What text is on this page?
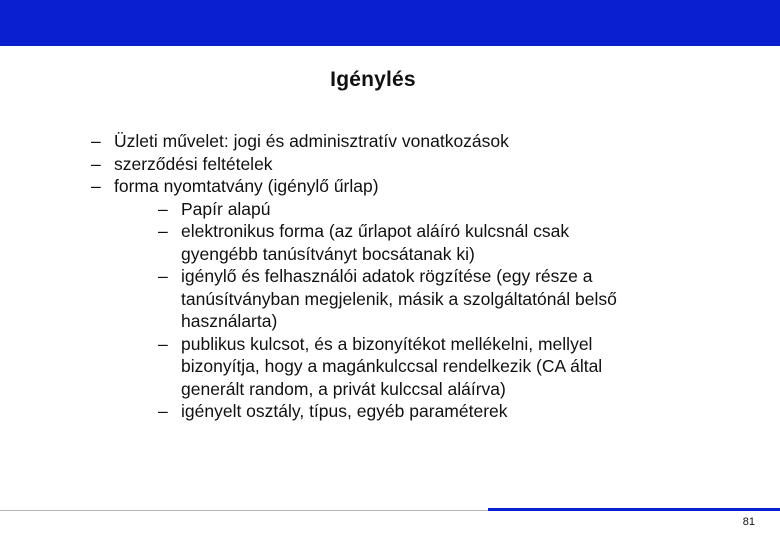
Igénylés
– Üzleti művelet: jogi és adminisztratív vonatkozások
– szerződési feltételek
– forma nyomtatvány (igénylő űrlap)
– Papír alapú
– elektronikus forma (az űrlapot aláíró kulcsnál csak
gyengébb tanúsítványt bocsátanak ki)
– igénylő és felhasználói adatok rögzítése (egy része a
tanúsítványban megjelenik, másik a szolgáltatónál belső
használarta)
– publikus kulcsot, és a bizonyítékot mellékelni, mellyel
bizonyítja, hogy a magánkulccsal rendelkezik (CA által
generált random, a privát kulccsal aláírva)
– igényelt osztály, típus, egyéb paraméterek
81
